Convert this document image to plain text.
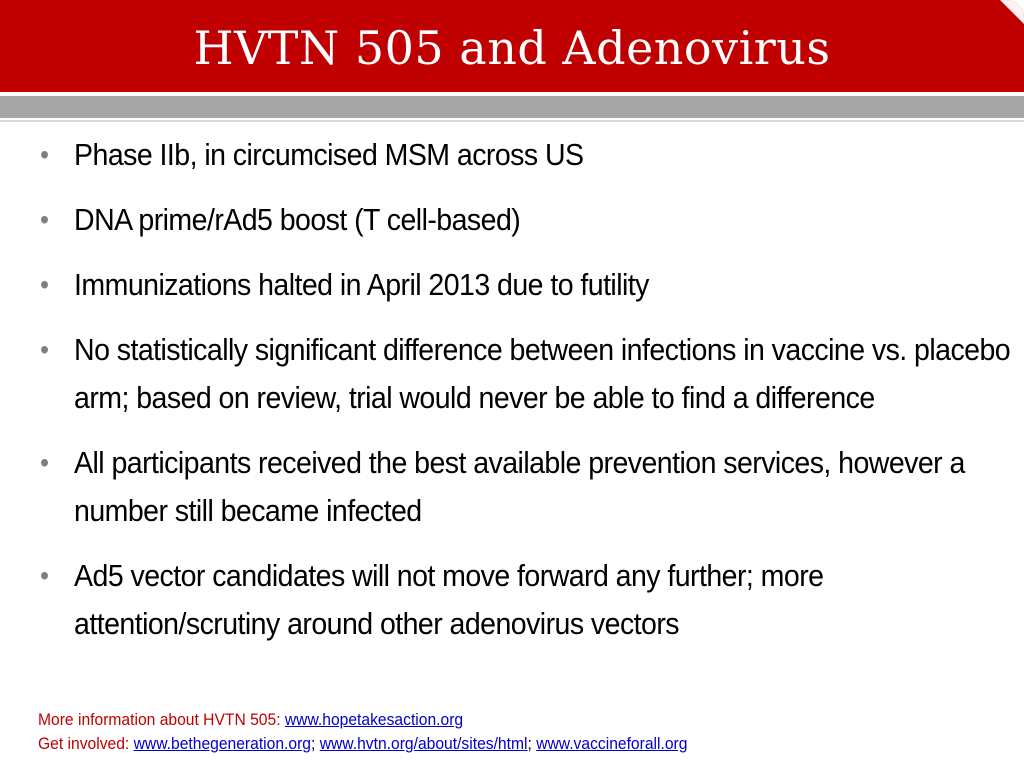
HVTN 505 and Adenovirus
• Phase IIb, in circumcised MSM across US
• DNA prime/rAd5 boost (T cell-based)
• Immunizations halted in April 2013 due to futility
• No statistically significant difference between infections in vaccine vs. placebo arm; based on review, trial would never be able to find a difference
• All participants received the best available prevention services, however a number still became infected
• Ad5 vector candidates will not move forward any further; more attention/scrutiny around other adenovirus vectors
More information about HVTN 505: www.hopetakesaction.org
Get involved: www.bethegeneration.org; www.hvtn.org/about/sites/html; www.vaccineforall.org
